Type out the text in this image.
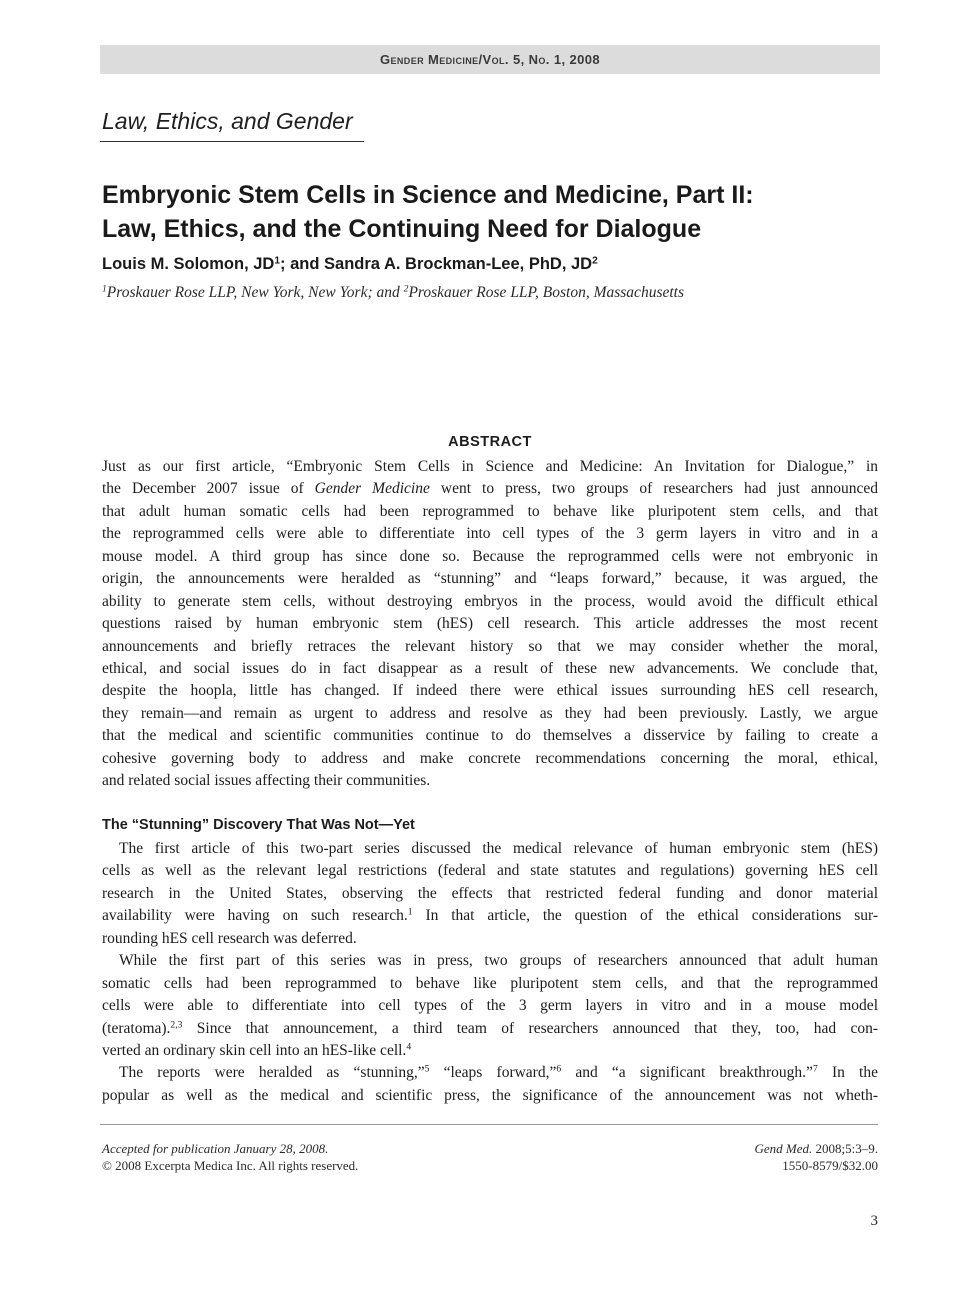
Gender Medicine/Vol. 5, No. 1, 2008
Law, Ethics, and Gender
Embryonic Stem Cells in Science and Medicine, Part II:
Law, Ethics, and the Continuing Need for Dialogue
Louis M. Solomon, $JD^1$; and Sandra A. Brockman-Lee, PhD, $JD^2$
$^1$Proskauer Rose LLP, New York, New York; and $^2$Proskauer Rose LLP, Boston, Massachusetts
ABSTRACT
Just as our first article, “Embryonic Stem Cells in Science and Medicine: An Invitation for Dialogue,” in
the December 2007 issue of Gender Medicine went to press, two groups of researchers had just announced
that adult human somatic cells had been reprogrammed to behave like pluripotent stem cells, and that
the reprogrammed cells were able to differentiate into cell types of the 3 germ layers in vitro and in a
mouse model. A third group has since done so. Because the reprogrammed cells were not embryonic in
origin, the announcements were heralded as “stunning” and “leaps forward,” because, it was argued, the
ability to generate stem cells, without destroying embryos in the process, would avoid the difficult ethical
questions raised by human embryonic stem (hES) cell research. This article addresses the most recent
announcements and briefly retraces the relevant history so that we may consider whether the moral,
ethical, and social issues do in fact disappear as a result of these new advancements. We conclude that,
despite the hoopla, little has changed. If indeed there were ethical issues surrounding hES cell research,
they remain—and remain as urgent to address and resolve as they had been previously. Lastly, we argue
that the medical and scientific communities continue to do themselves a disservice by failing to create a
cohesive governing body to address and make concrete recommendations concerning the moral, ethical,
and related social issues affecting their communities.
The “Stunning” Discovery That Was Not—Yet
The first article of this two-part series discussed the medical relevance of human embryonic stem (hES)
cells as well as the relevant legal restrictions (federal and state statutes and regulations) governing hES cell
research in the United States, observing the effects that restricted federal funding and donor material
availability were having on such research.$^1$ In that article, the question of the ethical considerations sur-
rounding hES cell research was deferred.
While the first part of this series was in press, two groups of researchers announced that adult human
somatic cells had been reprogrammed to behave like pluripotent stem cells, and that the reprogrammed
cells were able to differentiate into cell types of the 3 germ layers in vitro and in a mouse model
(teratoma).$^{2,3}$ Since that announcement, a third team of researchers announced that they, too, had con-
verted an ordinary skin cell into an hES-like cell.$^4$
The reports were heralded as “stunning,”$^5$ “leaps forward,”$^6$ and “a significant breakthrough.”$^7$ In the
popular as well as the medical and scientific press, the significance of the announcement was not wheth-
Accepted for publication January 28, 2008.
© 2008 Excerpta Medica Inc. All rights reserved.
Gend Med. 2008;5:3–9.
1550-8579/$32.00
3
